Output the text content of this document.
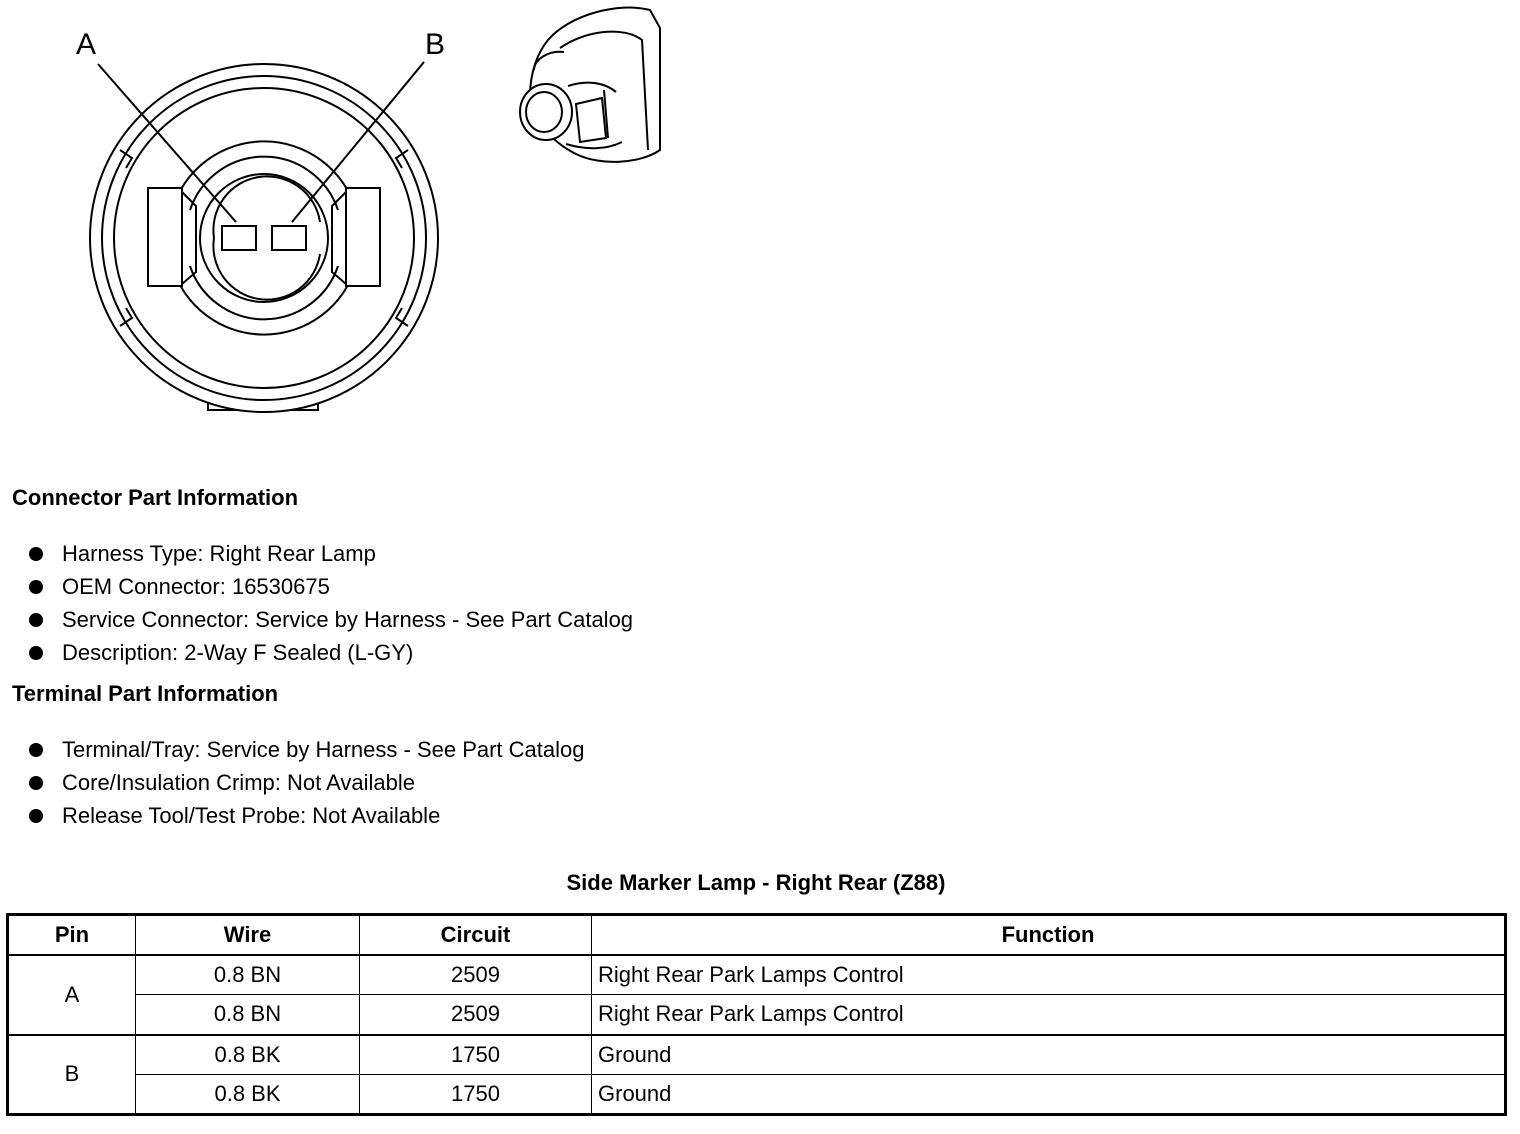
A	B
Connector Part Information
Harness Type: Right Rear Lamp
OEM Connector: 16530675
Service Connector: Service by Harness - See Part Catalog
Description: 2-Way F Sealed (L-GY)
Terminal Part Information
Terminal/Tray: Service by Harness - See Part Catalog
Core/Insulation Crimp: Not Available
Release Tool/Test Probe: Not Available
Side Marker Lamp - Right Rear (Z88)
Pin	Wire	Circuit	Function
A	0.8 BN	2509	Right Rear Park Lamps Control
	0.8 BN	2509	Right Rear Park Lamps Control
B	0.8 BK	1750	Ground
	0.8 BK	1750	Ground
